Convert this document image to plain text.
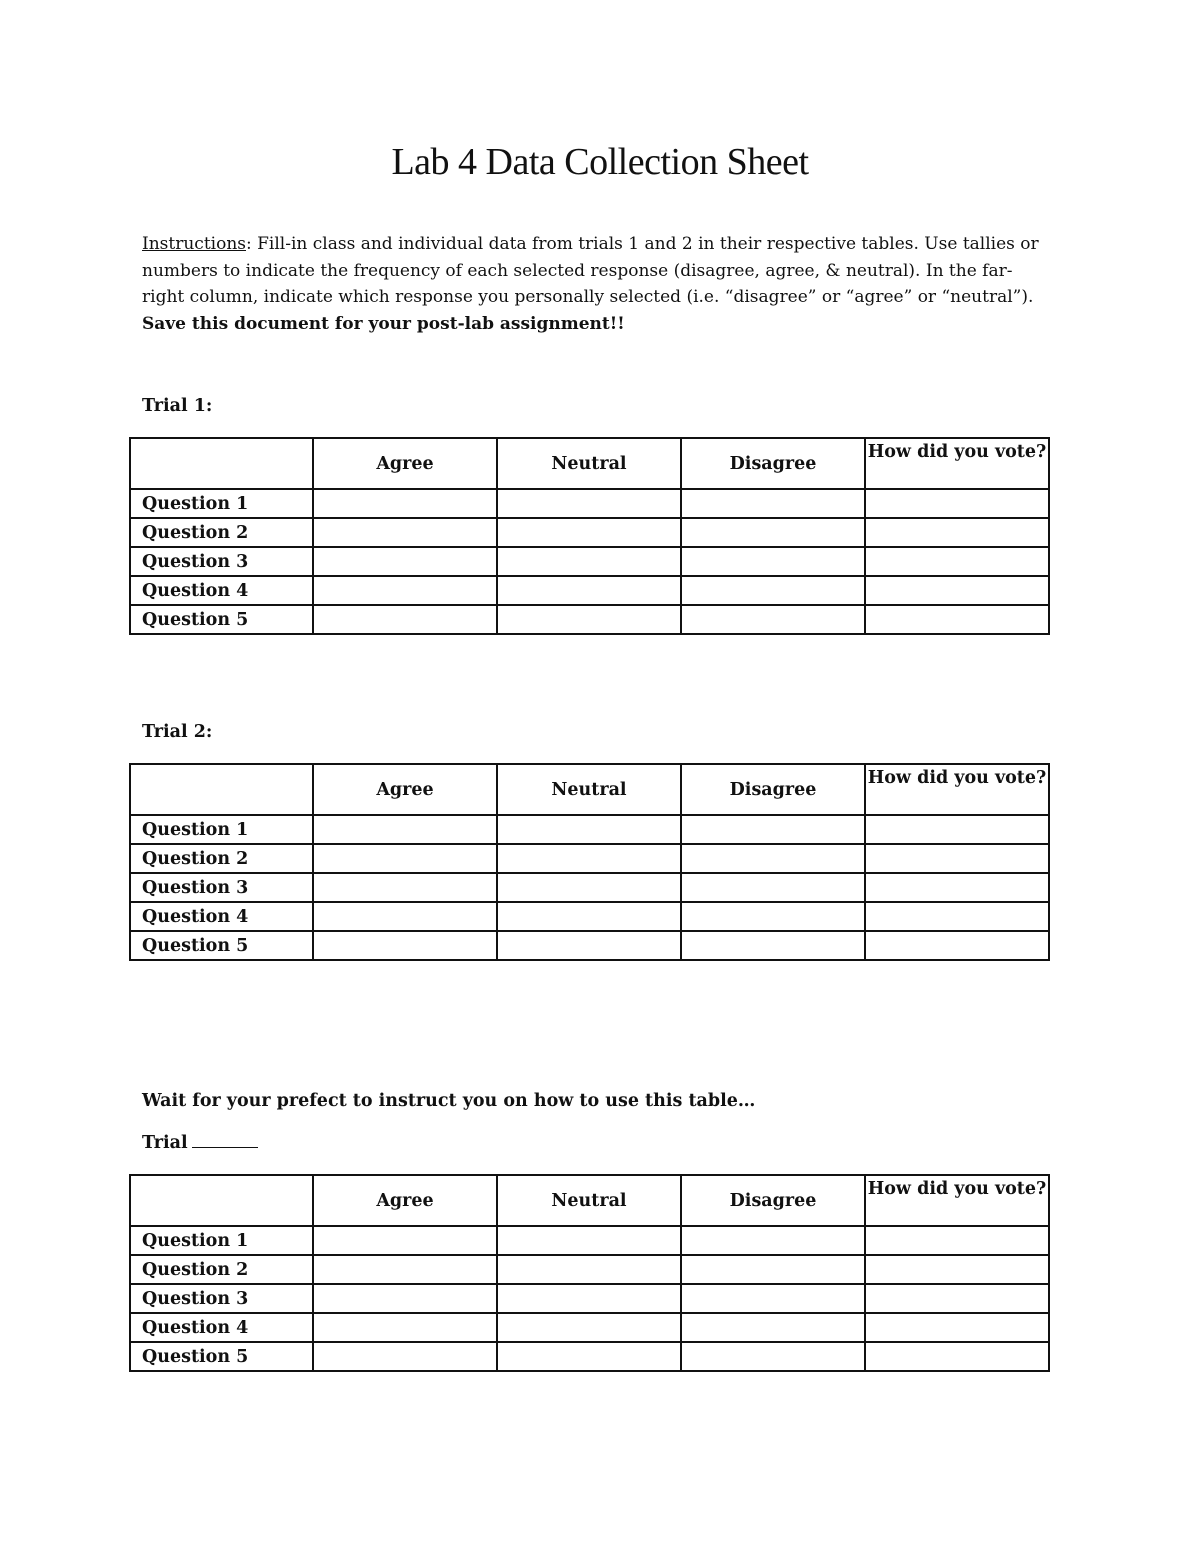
Lab 4 Data Collection Sheet

Instructions: Fill-in class and individual data from trials 1 and 2 in their respective tables. Use tallies or numbers to indicate the frequency of each selected response (disagree, agree, & neutral). In the far-right column, indicate which response you personally selected (i.e. “disagree” or “agree” or “neutral”). Save this document for your post-lab assignment!!

Trial 1:

	Agree	Neutral	Disagree	How did you vote?
Question 1				
Question 2				
Question 3				
Question 4				
Question 5				

Trial 2:

	Agree	Neutral	Disagree	How did you vote?
Question 1				
Question 2				
Question 3				
Question 4				
Question 5				

Wait for your prefect to instruct you on how to use this table…

Trial

	Agree	Neutral	Disagree	How did you vote?
Question 1				
Question 2				
Question 3				
Question 4				
Question 5				
